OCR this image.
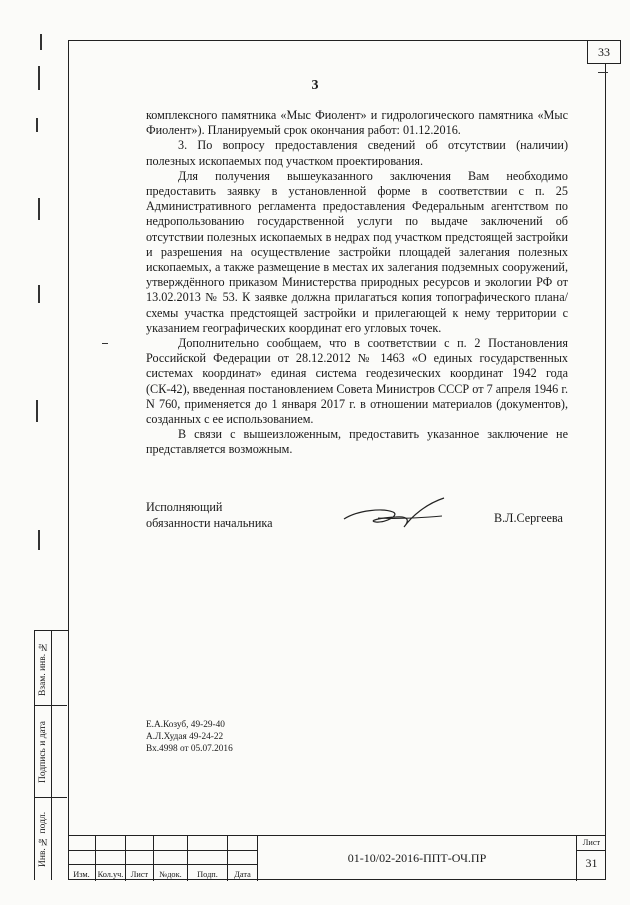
33
3

комплексного памятника «Мыс Фиолент» и гидрологического памятника «Мыс Фиолент»). Планируемый срок окончания работ: 01.12.2016.

3. По вопросу предоставления сведений об отсутствии (наличии) полезных ископаемых под участком проектирования.

Для получения вышеуказанного заключения Вам необходимо предоставить заявку в установленной форме в соответствии с п. 25 Административного регламента предоставления Федеральным агентством по недропользованию государственной услуги по выдаче заключений об отсутствии полезных ископаемых в недрах под участком предстоящей застройки и разрешения на осуществление застройки площадей залегания полезных ископаемых, а также размещение в местах их залегания подземных сооружений, утверждённого приказом Министерства природных ресурсов и экологии РФ от 13.02.2013 № 53. К заявке должна прилагаться копия топографического плана/схемы участка предстоящей застройки и прилегающей к нему территории с указанием географических координат его угловых точек.

Дополнительно сообщаем, что в соответствии с п. 2 Постановления Российской Федерации от 28.12.2012 № 1463 «О единых государственных системах координат» единая система геодезических координат 1942 года (СК-42), введенная постановлением Совета Министров СССР от 7 апреля 1946 г. N 760, применяется до 1 января 2017 г. в отношении материалов (документов), созданных с ее использованием.

В связи с вышеизложенным, предоставить указанное заключение не представляется возможным.

Исполняющий
обязанности начальника	В.Л.Сергеева
Е.А.Козуб, 49-29-40
А.Л.Худая 49-24-22
Вх.4998 от 05.07.2016
Взам. инв. №
Подпись и дата
Инв. № подл.
Изм. Кол.уч. Лист	№док.	Подп.	Дата
01-10/02-2016-ППТ-ОЧ.ПР
Лист
31
